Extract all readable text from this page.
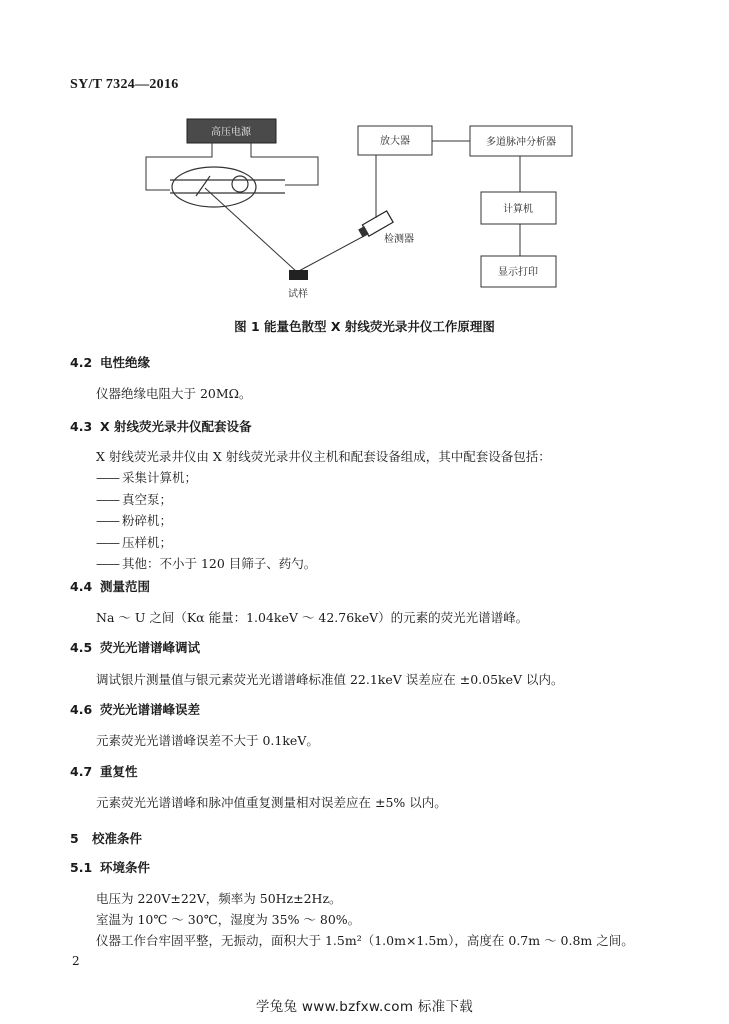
SY/T 7324—2016
高压电源
试样
检测器
放大器	多道脉冲分析器
计算机
显示打印
图 1 能量色散型 X 射线荧光录井仪工作原理图
4.2 电性绝缘
仪器绝缘电阻大于 20MΩ。
4.3 X 射线荧光录井仪配套设备
X 射线荧光录井仪由 X 射线荧光录井仪主机和配套设备组成，其中配套设备包括：
—— 采集计算机；
—— 真空泵；
—— 粉碎机；
—— 压样机；
—— 其他：不小于 120 目筛子、药勺。
4.4 测量范围
Na ～ U 之间（Kα 能量：1.04keV ～ 42.76keV）的元素的荧光光谱谱峰。
4.5 荧光光谱谱峰调试
调试银片测量值与银元素荧光光谱谱峰标准值 22.1keV 误差应在 ±0.05keV 以内。
4.6 荧光光谱谱峰误差
元素荧光光谱谱峰误差不大于 0.1keV。
4.7 重复性
元素荧光光谱谱峰和脉冲值重复测量相对误差应在 ±5% 以内。
5 校准条件
5.1 环境条件
电压为 220V±22V，频率为 50Hz±2Hz。
室温为 10℃ ～ 30℃，湿度为 35% ～ 80%。
仪器工作台牢固平整，无振动，面积大于 1.5m²（1.0m×1.5m），高度在 0.7m ～ 0.8m 之间。
2
学兔兔 www.bzfxw.com 标准下载
